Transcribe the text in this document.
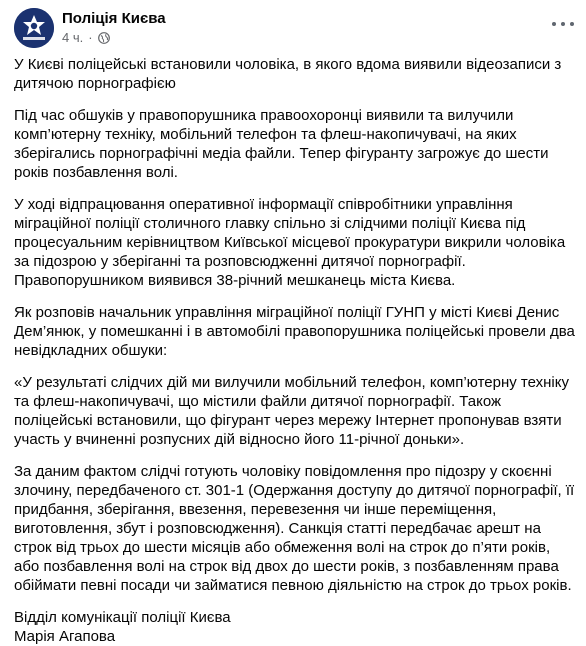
Поліція Києва
4 ч. ·

У Києві поліцейські встановили чоловіка, в якого вдома виявили відеозаписи з дитячою порнографією

Під час обшуків у правопорушника правоохоронці виявили та вилучили комп’ютерну техніку, мобільний телефон та флеш-накопичувачі, на яких зберігались порнографічні медіа файли. Тепер фігуранту загрожує до шести років позбавлення волі.

У ході відпрацювання оперативної інформації співробітники управління міграційної поліції столичного главку спільно зі слідчими поліції Києва під процесуальним керівництвом Київської місцевої прокуратури викрили чоловіка за підозрою у зберіганні та розповсюдженні дитячої порнографії. Правопорушником виявився 38-річний мешканець міста Києва.

Як розповів начальник управління міграційної поліції ГУНП у місті Києві Денис Дем’янюк, у помешканні і в автомобілі правопорушника поліцейські провели два невідкладних обшуки:

«У результаті слідчих дій ми вилучили мобільний телефон, комп’ютерну техніку та флеш-накопичувачі, що містили файли дитячої порнографії. Також поліцейські встановили, що фігурант через мережу Інтернет пропонував взяти участь у вчиненні розпусних дій відносно його 11-річної доньки».

За даним фактом слідчі готують чоловіку повідомлення про підозру у скоєнні злочину, передбаченого ст. 301-1 (Одержання доступу до дитячої порнографії, її придбання, зберігання, ввезення, перевезення чи інше переміщення, виготовлення, збут і розповсюдження). Санкція статті передбачає арешт на строк від трьох до шести місяців або обмеження волі на строк до п’яти років, або позбавлення волі на строк від двох до шести років, з позбавленням права обіймати певні посади чи займатися певною діяльністю на строк до трьох років.

Відділ комунікації поліції Києва
Марія Агапова
